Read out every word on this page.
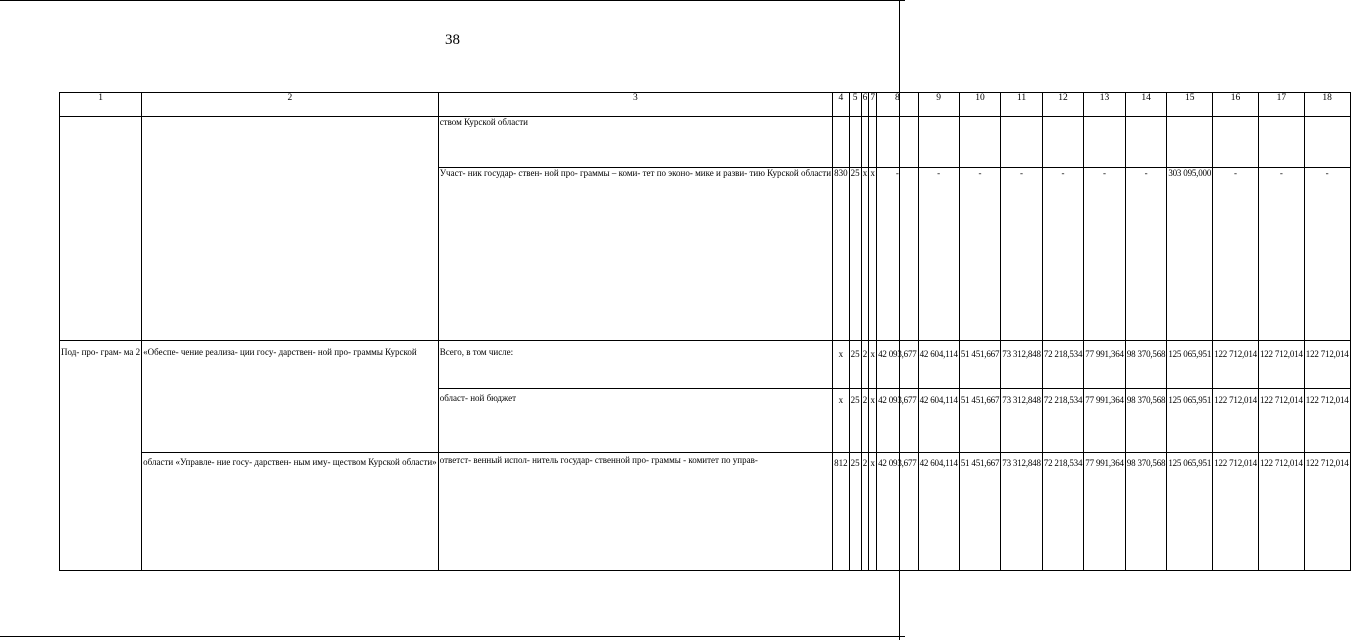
38
1	2	3	4	5	6	7	8	9	10	11	12	13	14	15	16	17	18
		ством Курской области															
		Участ- ник государ- ствен- ной про- граммы – коми- тет по эконо- мике и разви- тию Курской области	830	25	x	x	-	-	-	-	-	-	-	303 095,000	-	-	-
Под- про- грам- ма 2	«Обеспе- чение реализа- ции госу- дарствен- ной про- граммы Курской	Всего, в том числе:	x	25	2	x	42 093,677	42 604,114	51 451,667	73 312,848	72 218,534	77 991,364	98 370,568	125 065,951	122 712,014	122 712,014	122 712,014
		област- ной бюджет	x	25	2	x	42 093,677	42 604,114	51 451,667	73 312,848	72 218,534	77 991,364	98 370,568	125 065,951	122 712,014	122 712,014	122 712,014
	области «Управле- ние госу- дарствен- ным иму- ществом Курской области»	ответст- венный испол- нитель государ- ственной про- граммы - комитет по управ-	812	25	2	x	42 093,677	42 604,114	51 451,667	73 312,848	72 218,534	77 991,364	98 370,568	125 065,951	122 712,014	122 712,014	122 712,014
